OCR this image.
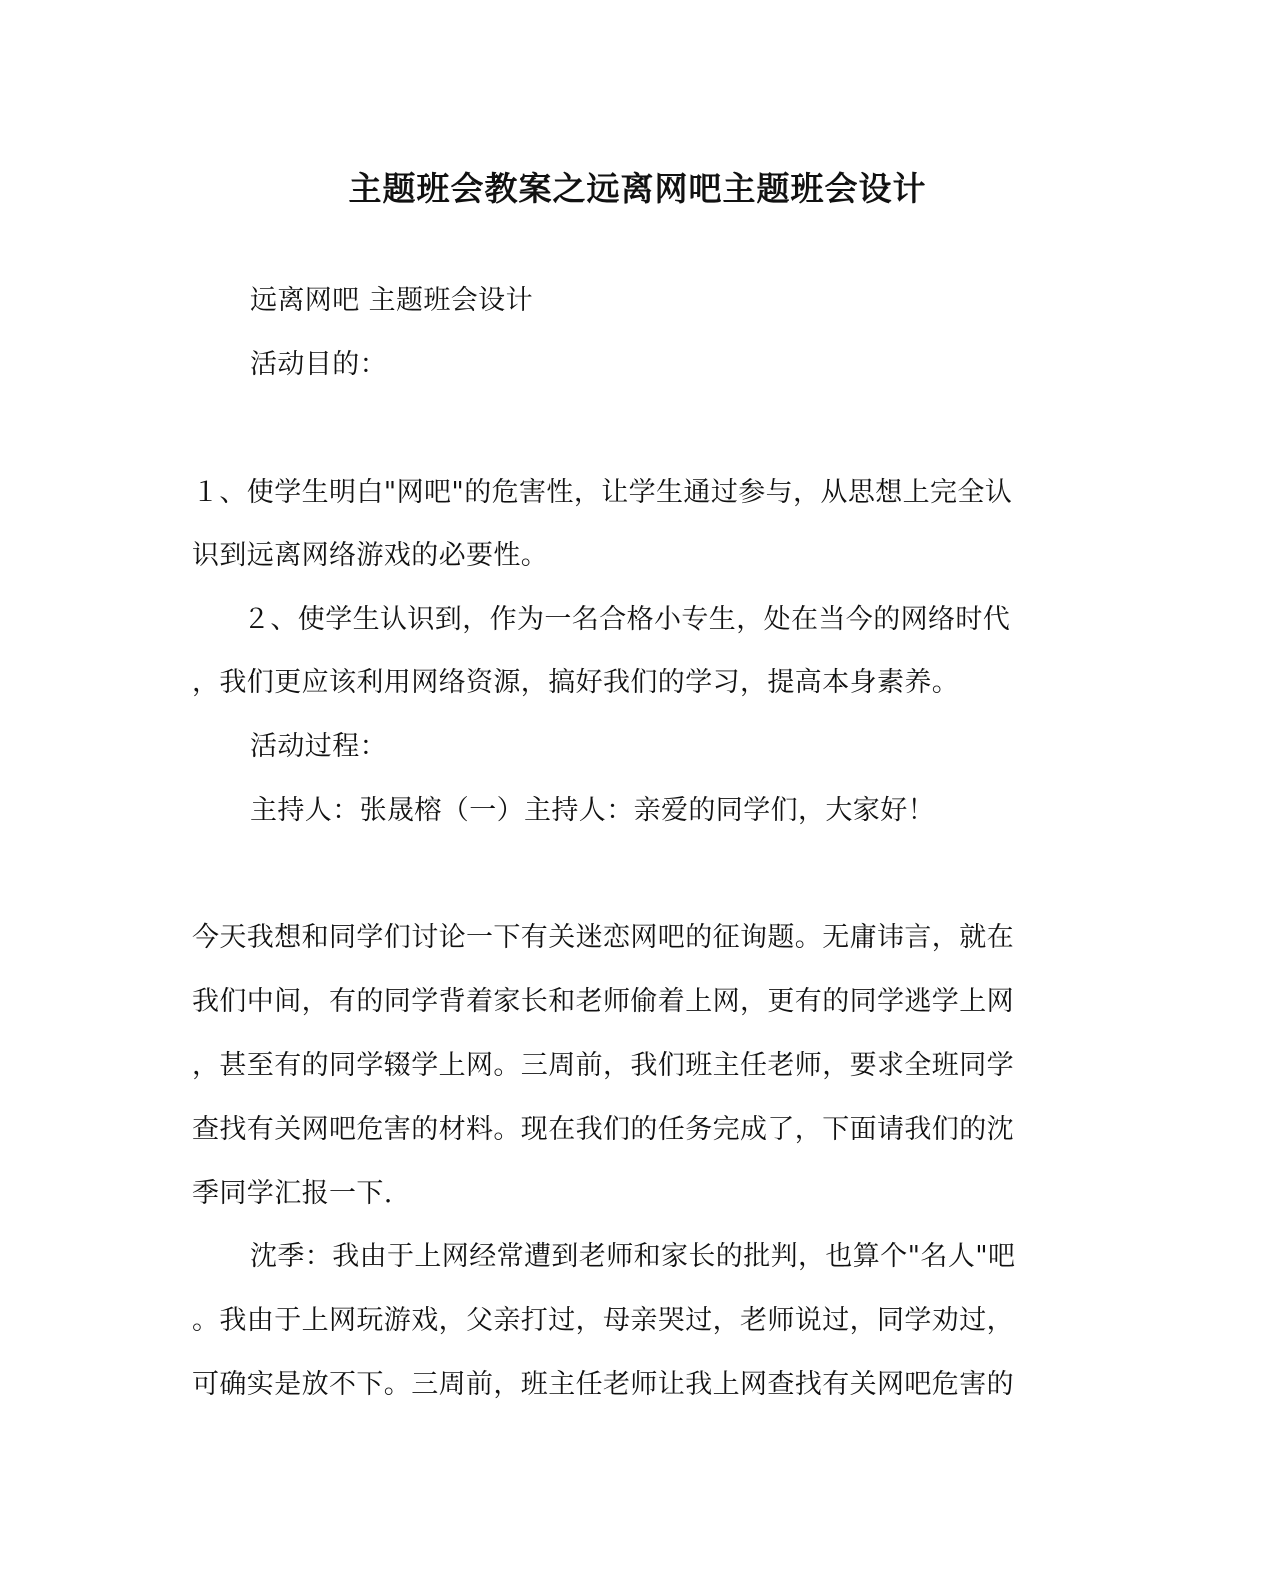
主题班会教案之远离网吧主题班会设计
远离网吧 主题班会设计
活动目的：
１、使学生明白"网吧"的危害性，让学生通过参与，从思想上完全认
识到远离网络游戏的必要性。
２、使学生认识到，作为一名合格小专生，处在当今的网络时代
，我们更应该利用网络资源，搞好我们的学习，提高本身素养。
活动过程：
主持人：张晟榕（一）主持人：亲爱的同学们，大家好！
今天我想和同学们讨论一下有关迷恋网吧的征询题。无庸讳言，就在
我们中间，有的同学背着家长和老师偷着上网，更有的同学逃学上网
，甚至有的同学辍学上网。三周前，我们班主任老师，要求全班同学
查找有关网吧危害的材料。现在我们的任务完成了，下面请我们的沈
季同学汇报一下.
沈季：我由于上网经常遭到老师和家长的批判，也算个"名人"吧
。我由于上网玩游戏，父亲打过，母亲哭过，老师说过，同学劝过，
可确实是放不下。三周前，班主任老师让我上网查找有关网吧危害的
